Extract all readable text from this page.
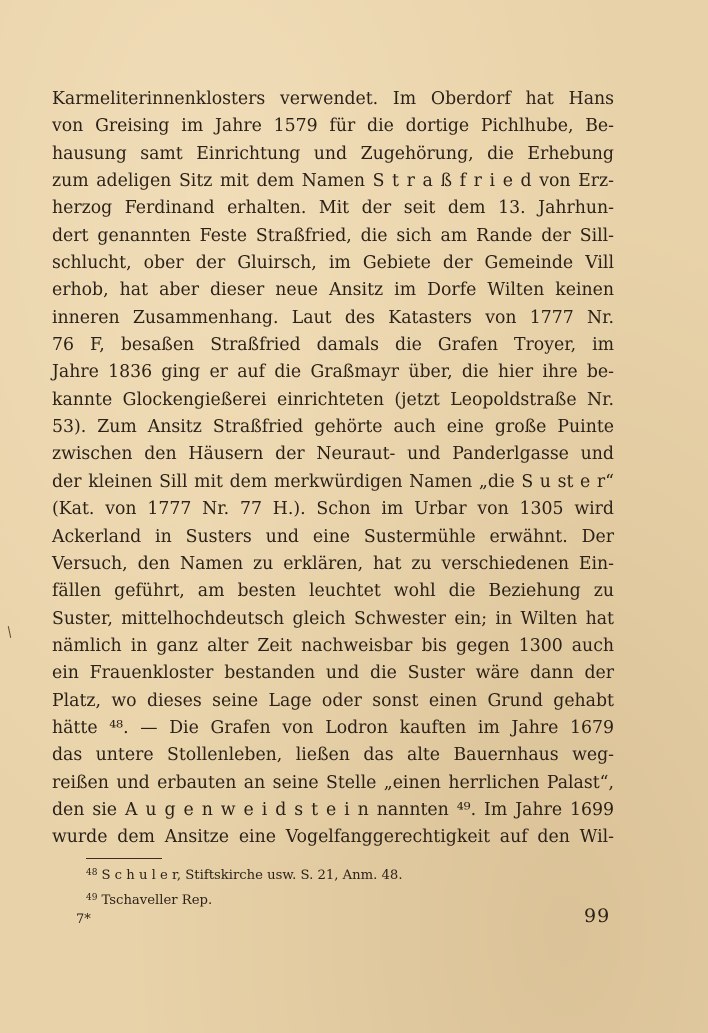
Karmeliterinnenklosters verwendet. Im Oberdorf hat Hans
von Greising im Jahre 1579 für die dortige Pichlhube, Be-
hausung samt Einrichtung und Zugehörung, die Erhebung
zum adeligen Sitz mit dem Namen S t r a ß f r i e d von Erz-
herzog Ferdinand erhalten. Mit der seit dem 13. Jahrhun-
dert genannten Feste Straßfried, die sich am Rande der Sill-
schlucht, ober der Gluirsch, im Gebiete der Gemeinde Vill
erhob, hat aber dieser neue Ansitz im Dorfe Wilten keinen
inneren Zusammenhang. Laut des Katasters von 1777 Nr.
76 F, besaßen Straßfried damals die Grafen Troyer, im
Jahre 1836 ging er auf die Graßmayr über, die hier ihre be-
kannte Glockengießerei einrichteten (jetzt Leopoldstraße Nr.
53). Zum Ansitz Straßfried gehörte auch eine große Puinte
zwischen den Häusern der Neuraut- und Panderlgasse und
der kleinen Sill mit dem merkwürdigen Namen „die S u st e r“
(Kat. von 1777 Nr. 77 H.). Schon im Urbar von 1305 wird
Ackerland in Susters und eine Sustermühle erwähnt. Der
Versuch, den Namen zu erklären, hat zu verschiedenen Ein-
fällen geführt, am besten leuchtet wohl die Beziehung zu
Suster, mittelhochdeutsch gleich Schwester ein; in Wilten hat
nämlich in ganz alter Zeit nachweisbar bis gegen 1300 auch
ein Frauenkloster bestanden und die Suster wäre dann der
Platz, wo dieses seine Lage oder sonst einen Grund gehabt
hätte ⁴⁸. — Die Grafen von Lodron kauften im Jahre 1679
das untere Stollenleben, ließen das alte Bauernhaus weg-
reißen und erbauten an seine Stelle „einen herrlichen Palast“,
den sie A u g e n w e i d s t e i n nannten ⁴⁹. Im Jahre 1699
wurde dem Ansitze eine Vogelfanggerechtigkeit auf den Wil-
$^{48}$ S c h u l e r, Stiftskirche usw. S. 21, Anm. 48.
$^{49}$ Tschaveller Rep.
7*	99
